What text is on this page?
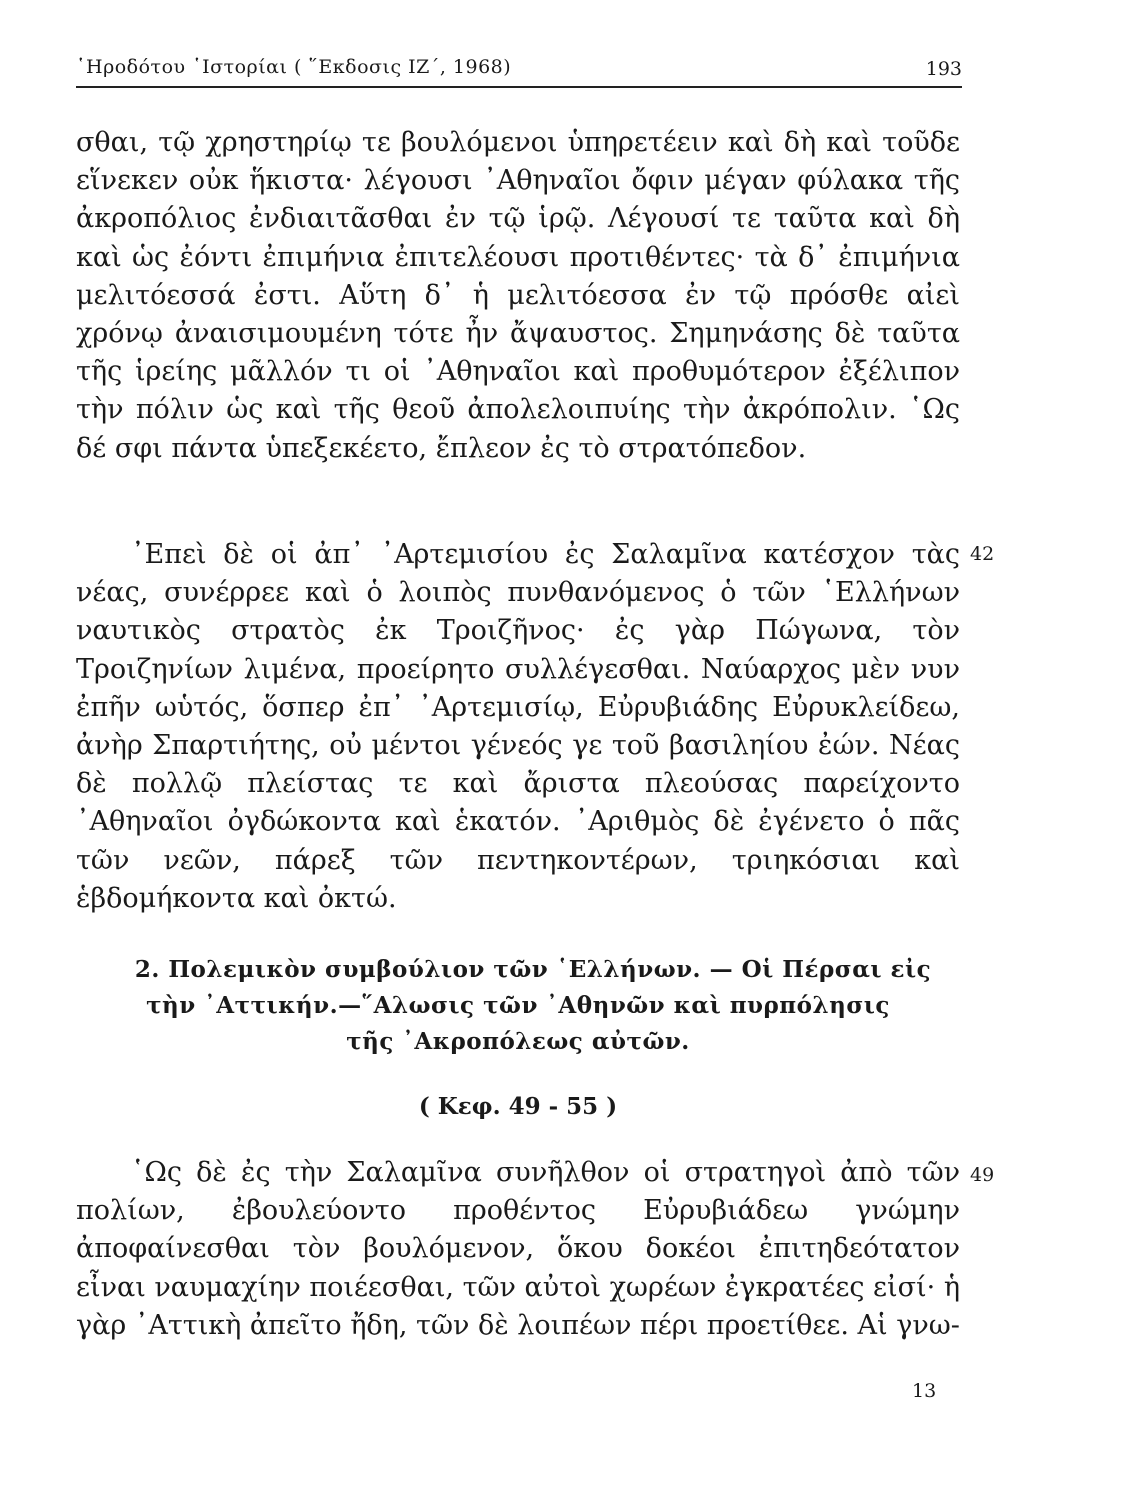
῾Ηροδότου ῾Ιστορίαι ( ῞Εκδοσις ΙΖ΄, 1968)	193

σθαι, τῷ χρηστηρίῳ τε βουλόμενοι ὑπηρετέειν καὶ δὴ καὶ τοῦδε εἵνεκεν οὐκ ἥκιστα· λέγουσι ᾿Αθηναῖοι ὄφιν μέγαν φύλακα τῆς ἀκροπόλιος ἐνδιαιτᾶσθαι ἐν τῷ ἱρῷ. Λέγουσί τε ταῦτα καὶ δὴ καὶ ὡς ἐόντι ἐπιμήνια ἐπιτελέουσι προτιθέντες· τὰ δ᾿ ἐπιμήνια μελιτόεσσά ἐστι. Αὕτη δ᾿ ἡ μελιτόεσσα ἐν τῷ πρόσθε αἰεὶ χρόνῳ ἀναισιμουμένη τότε ἦν ἄψαυστος. Σημηνάσης δὲ ταῦτα τῆς ἱρείης μᾶλλόν τι οἱ ᾿Αθηναῖοι καὶ προθυμότερον ἐξέλιπον τὴν πόλιν ὡς καὶ τῆς θεοῦ ἀπολελοιπυίης τὴν ἀκρόπολιν. ῾Ως δέ σφι πάντα ὑπεξεκέετο, ἔπλεον ἐς τὸ στρατόπεδον.

42

᾿Επεὶ δὲ οἱ ἀπ᾿ ᾿Αρτεμισίου ἐς Σαλαμῖνα κατέσχον τὰς νέας, συνέρρεε καὶ ὁ λοιπὸς πυνθανόμενος ὁ τῶν ῾Ελλήνων ναυτικὸς στρατὸς ἐκ Τροιζῆνος· ἐς γὰρ Πώγωνα, τὸν Τροιζηνίων λιμένα, προείρητο συλλέγεσθαι. Ναύαρχος μὲν νυν ἐπῆν ωὑτός, ὅσπερ ἐπ᾿ ᾿Αρτεμισίῳ, Εὐρυβιάδης Εὐρυκλείδεω, ἀνὴρ Σπαρτιήτης, οὐ μέντοι γένεός γε τοῦ βασιληίου ἐών. Νέας δὲ πολλῷ πλείστας τε καὶ ἄριστα πλεούσας παρείχοντο ᾿Αθηναῖοι ὀγδώκοντα καὶ ἑκατόν. ᾿Αριθμὸς δὲ ἐγένετο ὁ πᾶς τῶν νεῶν, πάρεξ τῶν πεντηκοντέρων, τριηκόσιαι καὶ ἑβδομήκοντα καὶ ὀκτώ.

2. Πολεμικὸν συμβούλιον τῶν ῾Ελλήνων. — Οἱ Πέρσαι εἰς
τὴν ᾿Αττικήν.—῞Αλωσις τῶν ᾿Αθηνῶν καὶ πυρπόλησις
τῆς ᾿Ακροπόλεως αὐτῶν.
( Κεφ. 49 - 55 )
49

῾Ως δὲ ἐς τὴν Σαλαμῖνα συνῆλθον οἱ στρατηγοὶ ἀπὸ τῶν πολίων, ἐβουλεύοντο προθέντος Εὐρυβιάδεω γνώμην ἀποφαίνεσθαι τὸν βουλόμενον, ὅκου δοκέοι ἐπιτηδεότατον εἶναι ναυμαχίην ποιέεσθαι, τῶν αὐτοὶ χωρέων ἐγκρατέες εἰσί· ἡ γὰρ ᾿Αττικὴ ἀπεῖτο ἤδη, τῶν δὲ λοιπέων πέρι προετίθεε. Αἱ γνω-

13
